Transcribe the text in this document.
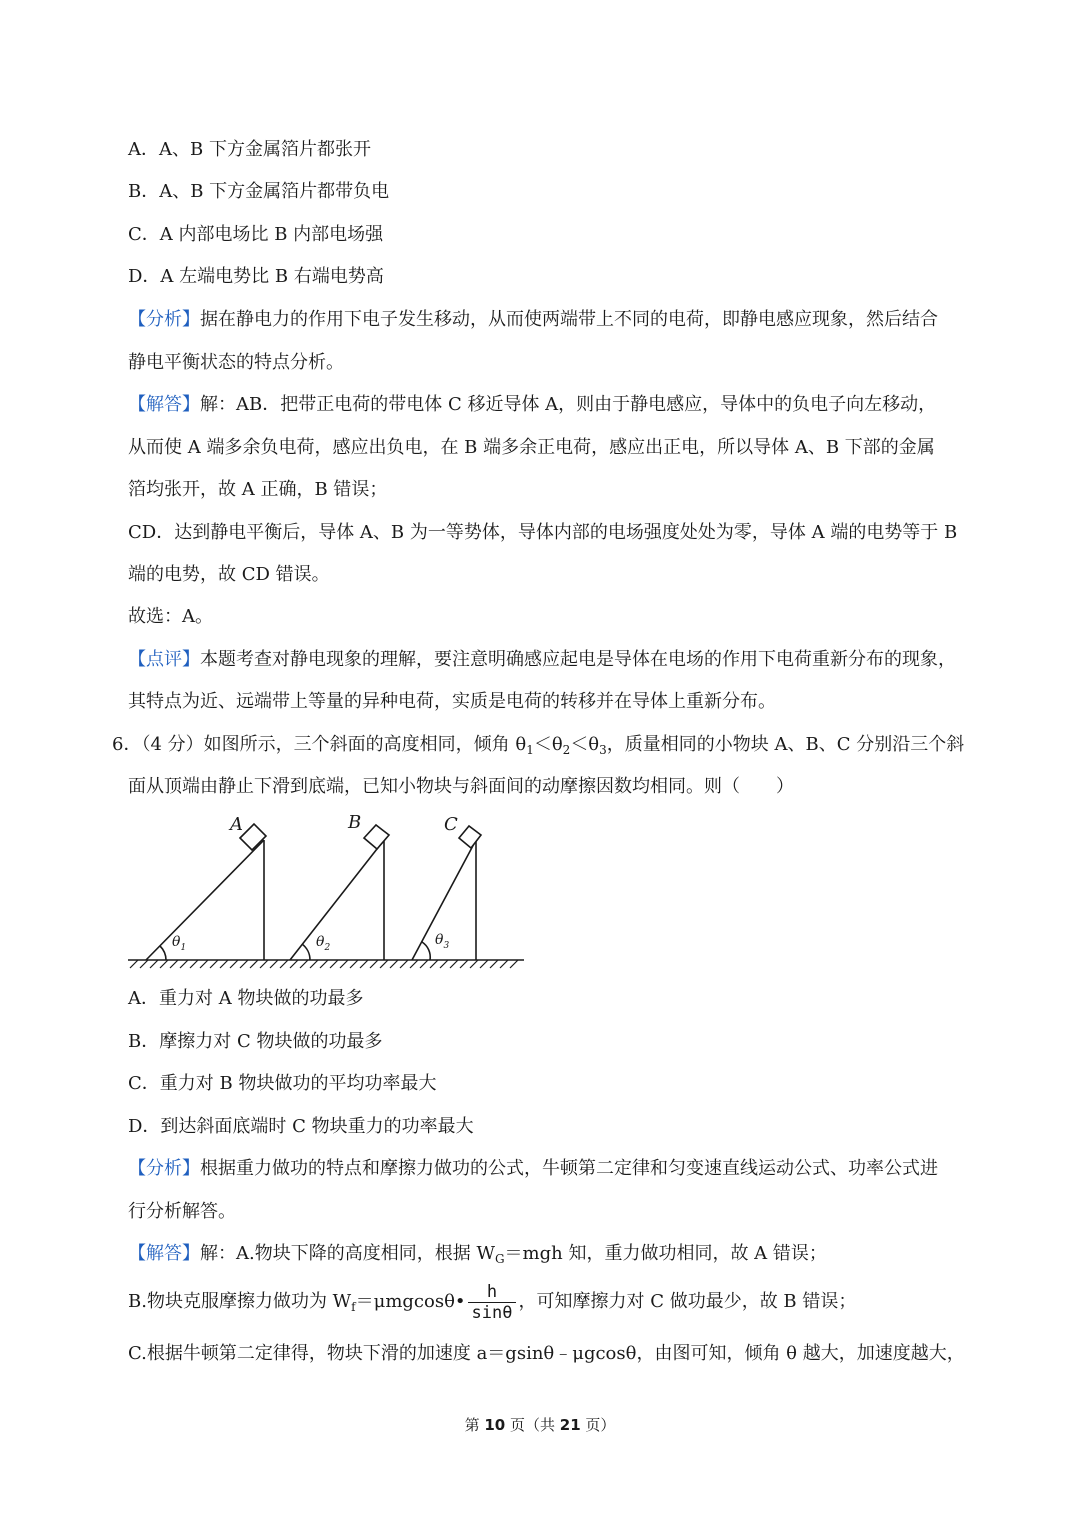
A．A、B 下方金属箔片都张开
B．A、B 下方金属箔片都带负电
C．A 内部电场比 B 内部电场强
D．A 左端电势比 B 右端电势高
【分析】据在静电力的作用下电子发生移动，从而使两端带上不同的电荷，即静电感应现象，然后结合
静电平衡状态的特点分析。
【解答】解：AB．把带正电荷的带电体 C 移近导体 A，则由于静电感应，导体中的负电子向左移动，
从而使 A 端多余负电荷，感应出负电，在 B 端多余正电荷，感应出正电，所以导体 A、B 下部的金属
箔均张开，故 A 正确，B 错误；
CD．达到静电平衡后，导体 A、B 为一等势体，导体内部的电场强度处处为零，导体 A 端的电势等于 B
端的电势，故 CD 错误。
故选：A。
【点评】本题考查对静电现象的理解，要注意明确感应起电是导体在电场的作用下电荷重新分布的现象，
其特点为近、远端带上等量的异种电荷，实质是电荷的转移并在导体上重新分布。
6．（4 分）如图所示，三个斜面的高度相同，倾角 $\theta_1<\theta_2<\theta_3$，质量相同的小物块 A、B、C 分别沿三个斜
面从顶端由静止下滑到底端，已知小物块与斜面间的动摩擦因数均相同。则（　　）
A	B	C
$\theta_1$	$\theta_2$	$\theta_3$
A．重力对 A 物块做的功最多
B．摩擦力对 C 物块做的功最多
C．重力对 B 物块做功的平均功率最大
D．到达斜面底端时 C 物块重力的功率最大
【分析】根据重力做功的特点和摩擦力做功的公式，牛顿第二定律和匀变速直线运动公式、功率公式进
行分析解答。
【解答】解：A.物块下降的高度相同，根据 $W_G=mgh$ 知，重力做功相同，故 A 错误；
B.物块克服摩擦力做功为 $W_f=\mu mgcos\theta• \frac{h}{\sin\theta}$ ，可知摩擦力对 C 做功最少，故 B 错误；
C.根据牛顿第二定律得，物块下滑的加速度 a＝gsinθ﹣μgcosθ，由图可知，倾角 θ 越大，加速度越大，
第 10 页（共 21 页）
